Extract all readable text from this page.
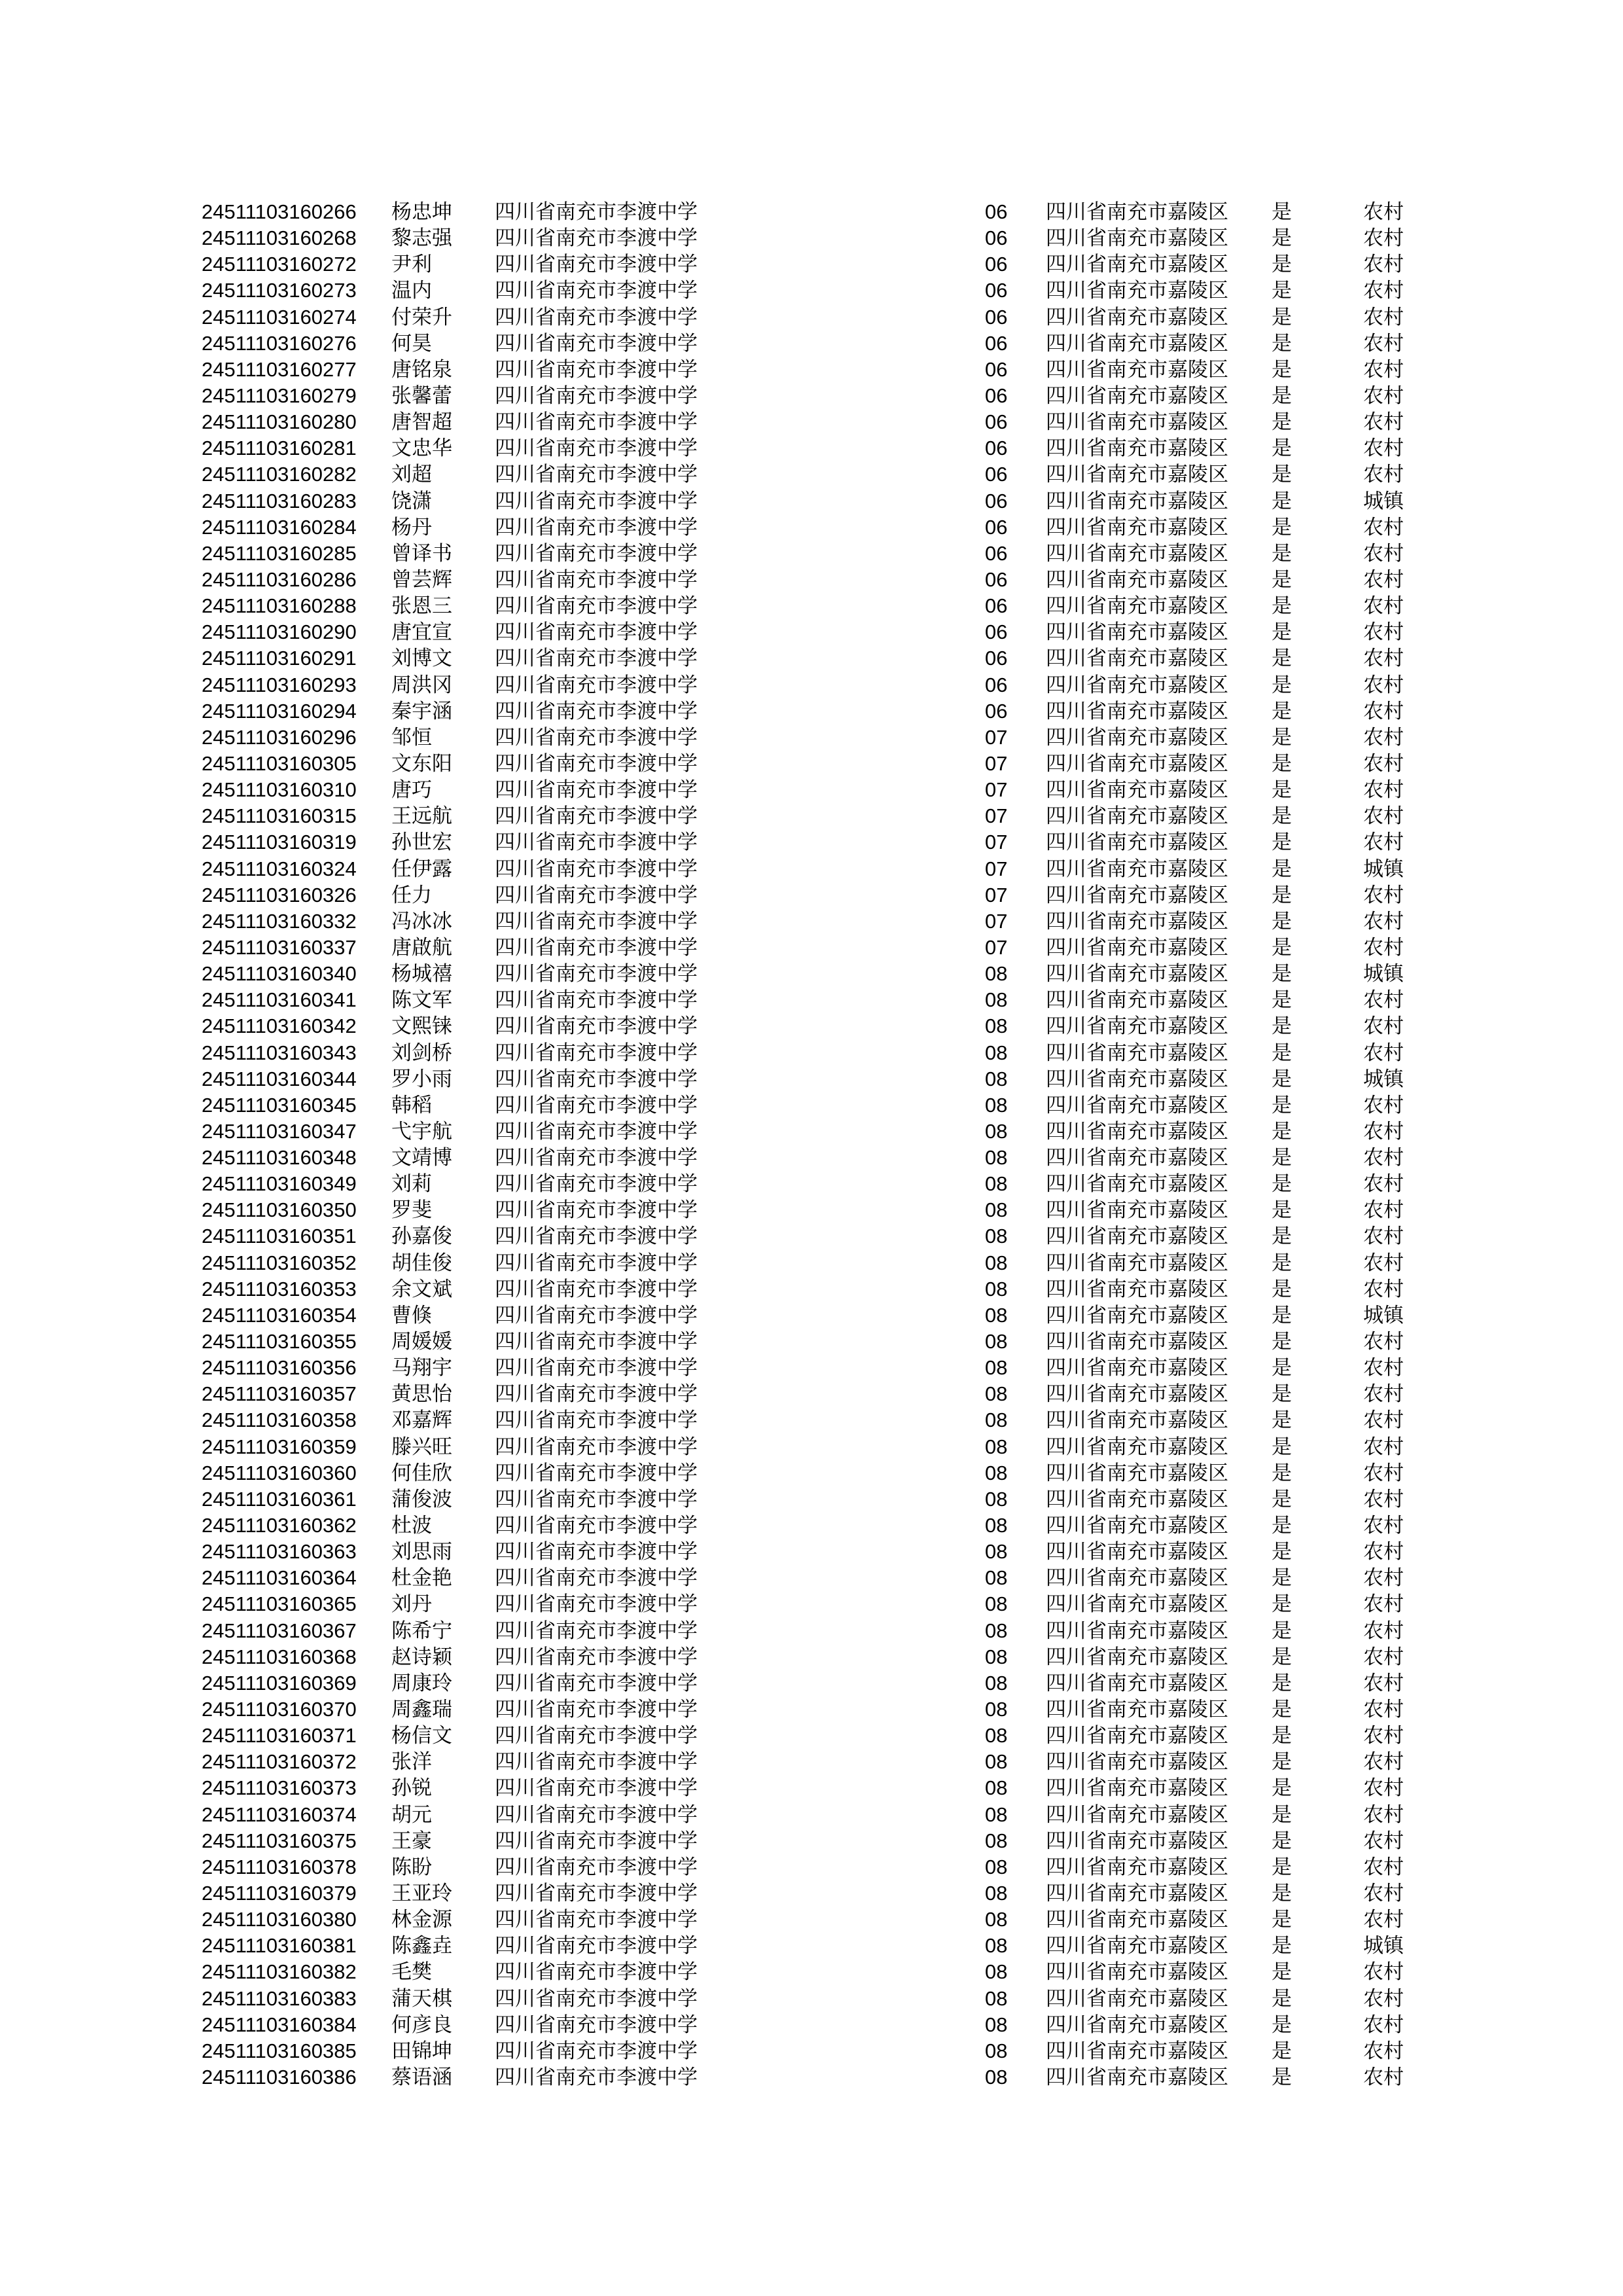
24511103160266 杨忠坤 四川省南充市李渡中学	06 四川省南充市嘉陵区 是	农村
24511103160268 黎志强 四川省南充市李渡中学	06 四川省南充市嘉陵区 是	农村
24511103160272 尹利	四川省南充市李渡中学	06 四川省南充市嘉陵区 是	农村
24511103160273 温内	四川省南充市李渡中学	06 四川省南充市嘉陵区 是	农村
24511103160274 付荣升 四川省南充市李渡中学	06 四川省南充市嘉陵区 是	农村
24511103160276 何昊	四川省南充市李渡中学	06 四川省南充市嘉陵区 是	农村
24511103160277 唐铭泉 四川省南充市李渡中学	06 四川省南充市嘉陵区 是	农村
24511103160279 张馨蕾 四川省南充市李渡中学	06 四川省南充市嘉陵区 是	农村
24511103160280 唐智超 四川省南充市李渡中学	06 四川省南充市嘉陵区 是	农村
24511103160281 文忠华 四川省南充市李渡中学	06 四川省南充市嘉陵区 是	农村
24511103160282 刘超	四川省南充市李渡中学	06 四川省南充市嘉陵区 是	农村
24511103160283 饶潇	四川省南充市李渡中学	06 四川省南充市嘉陵区 是	城镇
24511103160284 杨丹	四川省南充市李渡中学	06 四川省南充市嘉陵区 是	农村
24511103160285 曾译书 四川省南充市李渡中学	06 四川省南充市嘉陵区 是	农村
24511103160286 曾芸辉 四川省南充市李渡中学	06 四川省南充市嘉陵区 是	农村
24511103160288 张恩三 四川省南充市李渡中学	06 四川省南充市嘉陵区 是	农村
24511103160290 唐宜宣 四川省南充市李渡中学	06 四川省南充市嘉陵区 是	农村
24511103160291 刘博文 四川省南充市李渡中学	06 四川省南充市嘉陵区 是	农村
24511103160293 周洪冈 四川省南充市李渡中学	06 四川省南充市嘉陵区 是	农村
24511103160294 秦宇涵 四川省南充市李渡中学	06 四川省南充市嘉陵区 是	农村
24511103160296 邹恒	四川省南充市李渡中学	07 四川省南充市嘉陵区 是	农村
24511103160305 文东阳 四川省南充市李渡中学	07 四川省南充市嘉陵区 是	农村
24511103160310 唐巧	四川省南充市李渡中学	07 四川省南充市嘉陵区 是	农村
24511103160315 王远航 四川省南充市李渡中学	07 四川省南充市嘉陵区 是	农村
24511103160319 孙世宏 四川省南充市李渡中学	07 四川省南充市嘉陵区 是	农村
24511103160324 任伊露 四川省南充市李渡中学	07 四川省南充市嘉陵区 是	城镇
24511103160326 任力	四川省南充市李渡中学	07 四川省南充市嘉陵区 是	农村
24511103160332 冯冰冰 四川省南充市李渡中学	07 四川省南充市嘉陵区 是	农村
24511103160337 唐啟航 四川省南充市李渡中学	07 四川省南充市嘉陵区 是	农村
24511103160340 杨城禧 四川省南充市李渡中学	08 四川省南充市嘉陵区 是	城镇
24511103160341 陈文军 四川省南充市李渡中学	08 四川省南充市嘉陵区 是	农村
24511103160342 文熙铼 四川省南充市李渡中学	08 四川省南充市嘉陵区 是	农村
24511103160343 刘剑桥 四川省南充市李渡中学	08 四川省南充市嘉陵区 是	农村
24511103160344 罗小雨 四川省南充市李渡中学	08 四川省南充市嘉陵区 是	城镇
24511103160345 韩稻	四川省南充市李渡中学	08 四川省南充市嘉陵区 是	农村
24511103160347 弋宇航 四川省南充市李渡中学	08 四川省南充市嘉陵区 是	农村
24511103160348 文靖博 四川省南充市李渡中学	08 四川省南充市嘉陵区 是	农村
24511103160349 刘莉	四川省南充市李渡中学	08 四川省南充市嘉陵区 是	农村
24511103160350 罗斐	四川省南充市李渡中学	08 四川省南充市嘉陵区 是	农村
24511103160351 孙嘉俊 四川省南充市李渡中学	08 四川省南充市嘉陵区 是	农村
24511103160352 胡佳俊 四川省南充市李渡中学	08 四川省南充市嘉陵区 是	农村
24511103160353 余文斌 四川省南充市李渡中学	08 四川省南充市嘉陵区 是	农村
24511103160354 曹倏	四川省南充市李渡中学	08 四川省南充市嘉陵区 是	城镇
24511103160355 周媛媛 四川省南充市李渡中学	08 四川省南充市嘉陵区 是	农村
24511103160356 马翔宇 四川省南充市李渡中学	08 四川省南充市嘉陵区 是	农村
24511103160357 黄思怡 四川省南充市李渡中学	08 四川省南充市嘉陵区 是	农村
24511103160358 邓嘉辉 四川省南充市李渡中学	08 四川省南充市嘉陵区 是	农村
24511103160359 滕兴旺 四川省南充市李渡中学	08 四川省南充市嘉陵区 是	农村
24511103160360 何佳欣 四川省南充市李渡中学	08 四川省南充市嘉陵区 是	农村
24511103160361 蒲俊波 四川省南充市李渡中学	08 四川省南充市嘉陵区 是	农村
24511103160362 杜波	四川省南充市李渡中学	08 四川省南充市嘉陵区 是	农村
24511103160363 刘思雨 四川省南充市李渡中学	08 四川省南充市嘉陵区 是	农村
24511103160364 杜金艳 四川省南充市李渡中学	08 四川省南充市嘉陵区 是	农村
24511103160365 刘丹	四川省南充市李渡中学	08 四川省南充市嘉陵区 是	农村
24511103160367 陈希宁 四川省南充市李渡中学	08 四川省南充市嘉陵区 是	农村
24511103160368 赵诗颖 四川省南充市李渡中学	08 四川省南充市嘉陵区 是	农村
24511103160369 周康玲 四川省南充市李渡中学	08 四川省南充市嘉陵区 是	农村
24511103160370 周鑫瑞 四川省南充市李渡中学	08 四川省南充市嘉陵区 是	农村
24511103160371 杨信文 四川省南充市李渡中学	08 四川省南充市嘉陵区 是	农村
24511103160372 张洋	四川省南充市李渡中学	08 四川省南充市嘉陵区 是	农村
24511103160373 孙锐	四川省南充市李渡中学	08 四川省南充市嘉陵区 是	农村
24511103160374 胡元	四川省南充市李渡中学	08 四川省南充市嘉陵区 是	农村
24511103160375 王豪	四川省南充市李渡中学	08 四川省南充市嘉陵区 是	农村
24511103160378 陈盼	四川省南充市李渡中学	08 四川省南充市嘉陵区 是	农村
24511103160379 王亚玲 四川省南充市李渡中学	08 四川省南充市嘉陵区 是	农村
24511103160380 林金源 四川省南充市李渡中学	08 四川省南充市嘉陵区 是	农村
24511103160381 陈鑫垚 四川省南充市李渡中学	08 四川省南充市嘉陵区 是	城镇
24511103160382 毛樊	四川省南充市李渡中学	08 四川省南充市嘉陵区 是	农村
24511103160383 蒲天棋 四川省南充市李渡中学	08 四川省南充市嘉陵区 是	农村
24511103160384 何彦良 四川省南充市李渡中学	08 四川省南充市嘉陵区 是	农村
24511103160385 田锦坤 四川省南充市李渡中学	08 四川省南充市嘉陵区 是	农村
24511103160386 蔡语涵 四川省南充市李渡中学	08 四川省南充市嘉陵区 是	农村
